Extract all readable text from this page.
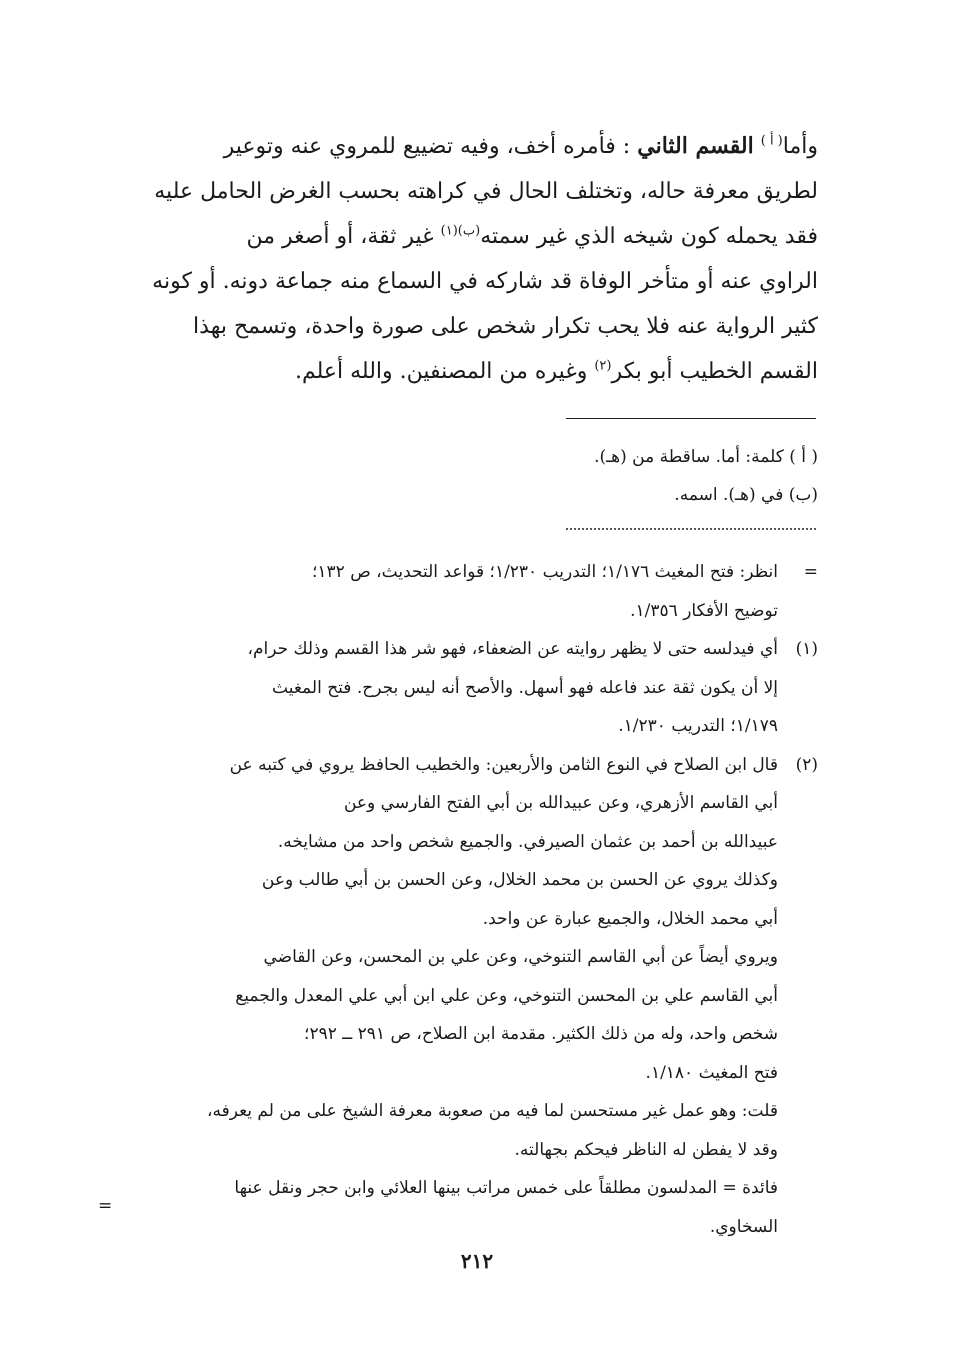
وأما$^{( أ )}$ القسم الثاني : فأمره أخف، وفيه تضييع للمروي عنه وتوعير

لطريق معرفة حاله، وتختلف الحال في كراهته بحسب الغرض الحامل عليه

فقد يحمله كون شيخه الذي غير سمته$^{(ب)(١)}$ غير ثقة، أو أصغر من

الراوي عنه أو متأخر الوفاة قد شاركه في السماع منه جماعة دونه. أو كونه

كثير الرواية عنه فلا يحب تكرار شخص على صورة واحدة، وتسمح بهذا

القسم الخطيب أبو بكر$^{(٢)}$ وغيره من المصنفين. والله أعلم.

( أ ) كلمة: أما. ساقطة من (هـ).

(ب) في (هـ). اسمه.

=
انظر: فتح المغيث ١/١٧٦؛ التدريب ١/٢٣٠؛ قواعد التحديث، ص ١٣٢؛
توضيح الأفكار ١/٣٥٦.
(١)
أي فيدلسه حتى لا يظهر روايته عن الضعفاء، فهو شر هذا القسم وذلك حرام،
إلا أن يكون ثقة عند فاعله فهو أسهل. والأصح أنه ليس بجرح. فتح المغيث
١/١٧٩؛ التدريب ١/٢٣٠.
(٢)
قال ابن الصلاح في النوع الثامن والأربعين: والخطيب الحافظ يروي في كتبه عن
أبي القاسم الأزهري، وعن عبيدالله بن أبي الفتح الفارسي وعن
عبيدالله بن أحمد بن عثمان الصيرفي. والجميع شخص واحد من مشايخه.
وكذلك يروي عن الحسن بن محمد الخلال، وعن الحسن بن أبي طالب وعن
أبي محمد الخلال، والجميع عبارة عن واحد.
ويروي أيضاً عن أبي القاسم التنوخي، وعن علي بن المحسن، وعن القاضي
أبي القاسم علي بن المحسن التنوخي، وعن علي ابن أبي علي المعدل والجميع
شخص واحد، وله من ذلك الكثير. مقدمة ابن الصلاح، ص ٢٩١ ــ ٢٩٢؛
فتح المغيث ١/١٨٠.
قلت: وهو عمل غير مستحسن لما فيه من صعوبة معرفة الشيخ على من لم يعرفه،
وقد لا يفطن له الناظر فيحكم بجهالته.
فائدة = المدلسون مطلقاً على خمس مراتب بينها العلائي وابن حجر ونقل عنها
السخاوي.
=
٢١٢
